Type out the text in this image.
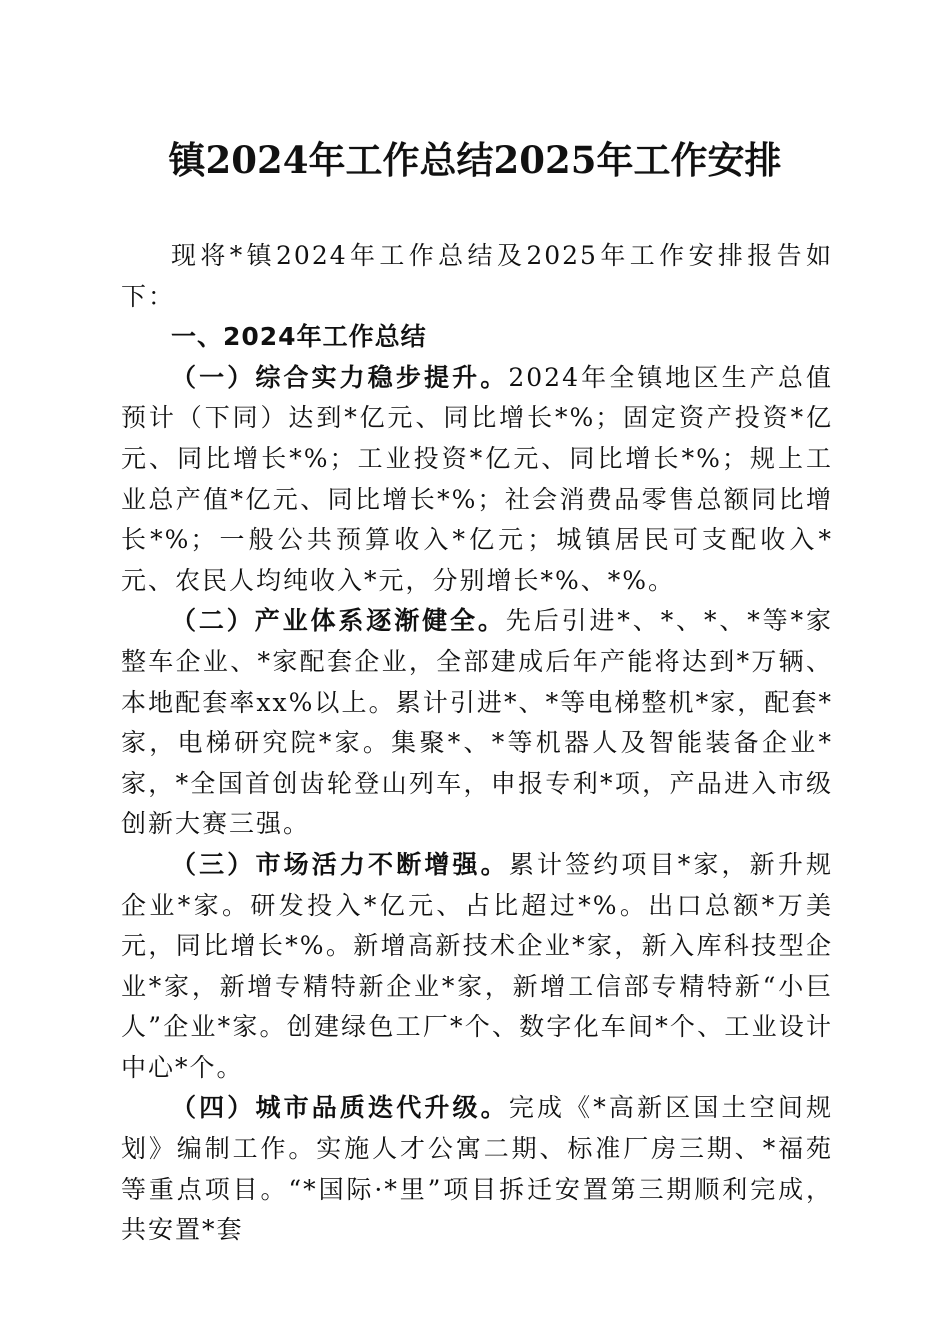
镇2024年工作总结2025年工作安排

现将*镇2024年工作总结及2025年工作安排报告如下：

一、2024年工作总结

（一）综合实力稳步提升。2024年全镇地区生产总值预计（下同）达到*亿元、同比增长*%；固定资产投资*亿元、同比增长*%；工业投资*亿元、同比增长*%；规上工业总产值*亿元、同比增长*%；社会消费品零售总额同比增长*%；一般公共预算收入*亿元；城镇居民可支配收入*元、农民人均纯收入*元，分别增长*%、*%。

（二）产业体系逐渐健全。先后引进*、*、*、*等*家整车企业、*家配套企业，全部建成后年产能将达到*万辆、本地配套率xx%以上。累计引进*、*等电梯整机*家，配套*家，电梯研究院*家。集聚*、*等机器人及智能装备企业*家，*全国首创齿轮登山列车，申报专利*项，产品进入市级创新大赛三强。

（三）市场活力不断增强。累计签约项目*家，新升规企业*家。研发投入*亿元、占比超过*%。出口总额*万美元，同比增长*%。新增高新技术企业*家，新入库科技型企业*家，新增专精特新企业*家，新增工信部专精特新“小巨人”企业*家。创建绿色工厂*个、数字化车间*个、工业设计中心*个。

（四）城市品质迭代升级。完成《*高新区国土空间规划》编制工作。实施人才公寓二期、标准厂房三期、*福苑等重点项目。“*国际·*里”项目拆迁安置第三期顺利完成，共安置*套
